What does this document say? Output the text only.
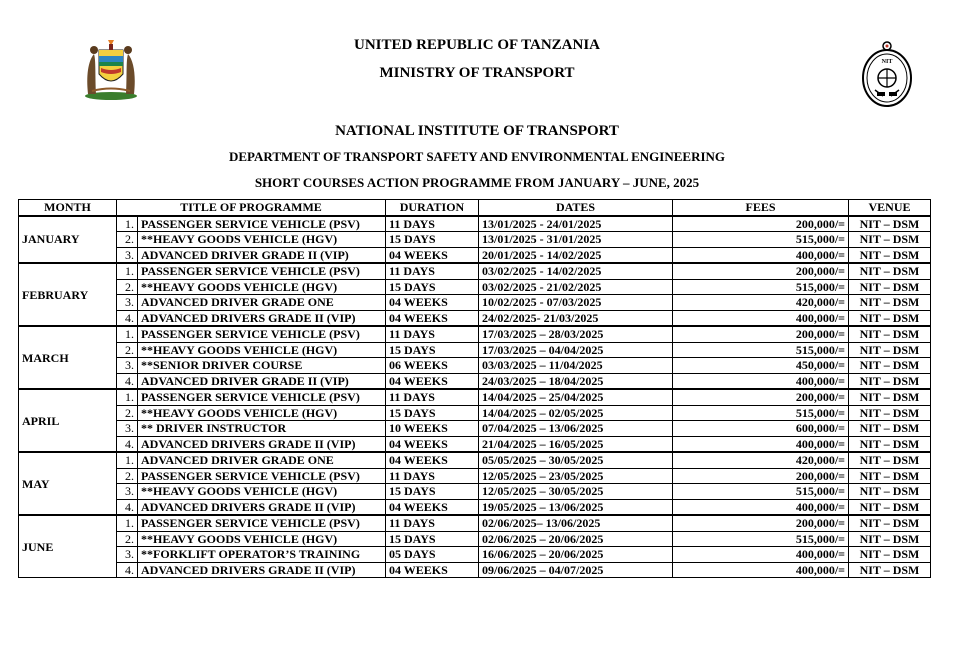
NIT
UNITED REPUBLIC OF TANZANIA
MINISTRY OF TRANSPORT
NATIONAL INSTITUTE OF TRANSPORT
DEPARTMENT OF TRANSPORT SAFETY AND ENVIRONMENTAL ENGINEERING
SHORT COURSES ACTION PROGRAMME FROM JANUARY – JUNE, 2025
MONTH	TITLE OF PROGRAMME		DURATION	DATES	FEES	VENUE
JANUARY	1.	PASSENGER SERVICE VEHICLE (PSV)	11 DAYS	13/01/2025 - 24/01/2025	200,000/=	NIT – DSM
	2.	**HEAVY GOODS VEHICLE (HGV)	15 DAYS	13/01/2025 - 31/01/2025	515,000/=	NIT – DSM
	3.	ADVANCED DRIVER GRADE II (VIP)	04 WEEKS	20/01/2025 - 14/02/2025	400,000/=	NIT – DSM
FEBRUARY	1.	PASSENGER SERVICE VEHICLE (PSV)	11 DAYS	03/02/2025 - 14/02/2025	200,000/=	NIT – DSM
	2.	**HEAVY GOODS VEHICLE (HGV)	15 DAYS	03/02/2025 - 21/02/2025	515,000/=	NIT – DSM
	3.	ADVANCED DRIVER GRADE ONE	04 WEEKS	10/02/2025 - 07/03/2025	420,000/=	NIT – DSM
	4.	ADVANCED DRIVERS GRADE II (VIP)	04 WEEKS	24/02/2025- 21/03/2025	400,000/=	NIT – DSM
MARCH	1.	PASSENGER SERVICE VEHICLE (PSV)	11 DAYS	17/03/2025 – 28/03/2025	200,000/=	NIT – DSM
	2.	**HEAVY GOODS VEHICLE (HGV)	15 DAYS	17/03/2025 – 04/04/2025	515,000/=	NIT – DSM
	3.	**SENIOR DRIVER COURSE	06 WEEKS	03/03/2025 – 11/04/2025	450,000/=	NIT – DSM
	4.	ADVANCED DRIVER GRADE II (VIP)	04 WEEKS	24/03/2025 – 18/04/2025	400,000/=	NIT – DSM
APRIL	1.	PASSENGER SERVICE VEHICLE (PSV)	11 DAYS	14/04/2025 – 25/04/2025	200,000/=	NIT – DSM
	2.	**HEAVY GOODS VEHICLE (HGV)	15 DAYS	14/04/2025 – 02/05/2025	515,000/=	NIT – DSM
	3.	** DRIVER INSTRUCTOR	10 WEEKS	07/04/2025 – 13/06/2025	600,000/=	NIT – DSM
	4.	ADVANCED DRIVERS GRADE II (VIP)	04 WEEKS	21/04/2025 – 16/05/2025	400,000/=	NIT – DSM
MAY	1.	ADVANCED DRIVER GRADE ONE	04 WEEKS	05/05/2025 – 30/05/2025	420,000/=	NIT – DSM
	2.	PASSENGER SERVICE VEHICLE (PSV)	11 DAYS	12/05/2025 – 23/05/2025	200,000/=	NIT – DSM
	3.	**HEAVY GOODS VEHICLE (HGV)	15 DAYS	12/05/2025 – 30/05/2025	515,000/=	NIT – DSM
	4.	ADVANCED DRIVERS GRADE II (VIP)	04 WEEKS	19/05/2025 – 13/06/2025	400,000/=	NIT – DSM
JUNE	1.	PASSENGER SERVICE VEHICLE (PSV)	11 DAYS	02/06/2025– 13/06/2025	200,000/=	NIT – DSM
	2.	**HEAVY GOODS VEHICLE (HGV)	15 DAYS	02/06/2025 – 20/06/2025	515,000/=	NIT – DSM
	3.	**FORKLIFT OPERATOR’S TRAINING	05 DAYS	16/06/2025 – 20/06/2025	400,000/=	NIT – DSM
	4.	ADVANCED DRIVERS GRADE II (VIP)	04 WEEKS	09/06/2025 – 04/07/2025	400,000/=	NIT – DSM
